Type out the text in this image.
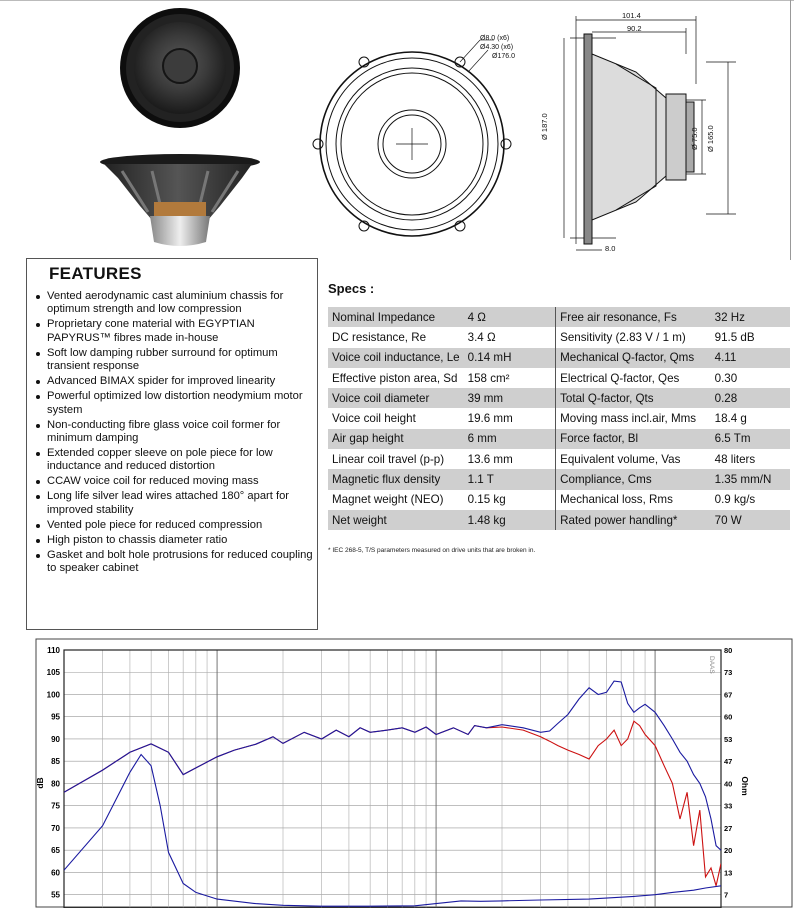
Ø8.0 (x6)
Ø4.30 (x6)
Ø176.0
101.4
90.2
Ø 187.0	Ø 75.0 Ø 165.0
8.0
FEATURES
Vented aerodynamic cast aluminium chassis for optimum strength and low compression
Proprietary cone material with EGYPTIAN PAPYRUS™ fibres made in-house
Soft low damping rubber surround for optimum transient response
Advanced BIMAX spider for improved linearity
Powerful optimized low distortion neodymium motor system
Non-conducting fibre glass voice coil former for minimum damping
Extended copper sleeve on pole piece for low inductance and reduced distortion
CCAW voice coil for reduced moving mass
Long life silver lead wires attached 180° apart for improved stability
Vented pole piece for reduced compression
High piston to chassis diameter ratio
Gasket and bolt hole protrusions for reduced coupling to speaker cabinet
Specs :
Nominal Impedance	4 Ω	Free air resonance, Fs	32 Hz
DC resistance, Re	3.4 Ω	Sensitivity (2.83 V / 1 m)	91.5 dB
Voice coil inductance, Le	0.14 mH	Mechanical Q-factor, Qms	4.11
Effective piston area, Sd	158 cm²	Electrical Q-factor, Qes	0.30
Voice coil diameter	39 mm	Total Q-factor, Qts	0.28
Voice coil height	19.6 mm	Moving mass incl.air, Mms	18.4 g
Air gap height	6 mm	Force factor, Bl	6.5 Tm
Linear coil travel (p-p)	13.6 mm	Equivalent volume, Vas	48 liters
Magnetic flux density	1.1 T	Compliance, Cms	1.35 mm/N
Magnet weight (NEO)	0.15 kg	Mechanical loss, Rms	0.9 kg/s
Net weight	1.48 kg	Rated power handling*	70 W
* IEC 268-5, T/S parameters measured on drive units that are broken in.
55
60
65
70
75
80
85
90
95
100
105
110
7
13
20
27
33
40
47
53
60
67
73
80
dB	Ohm
DAAS
